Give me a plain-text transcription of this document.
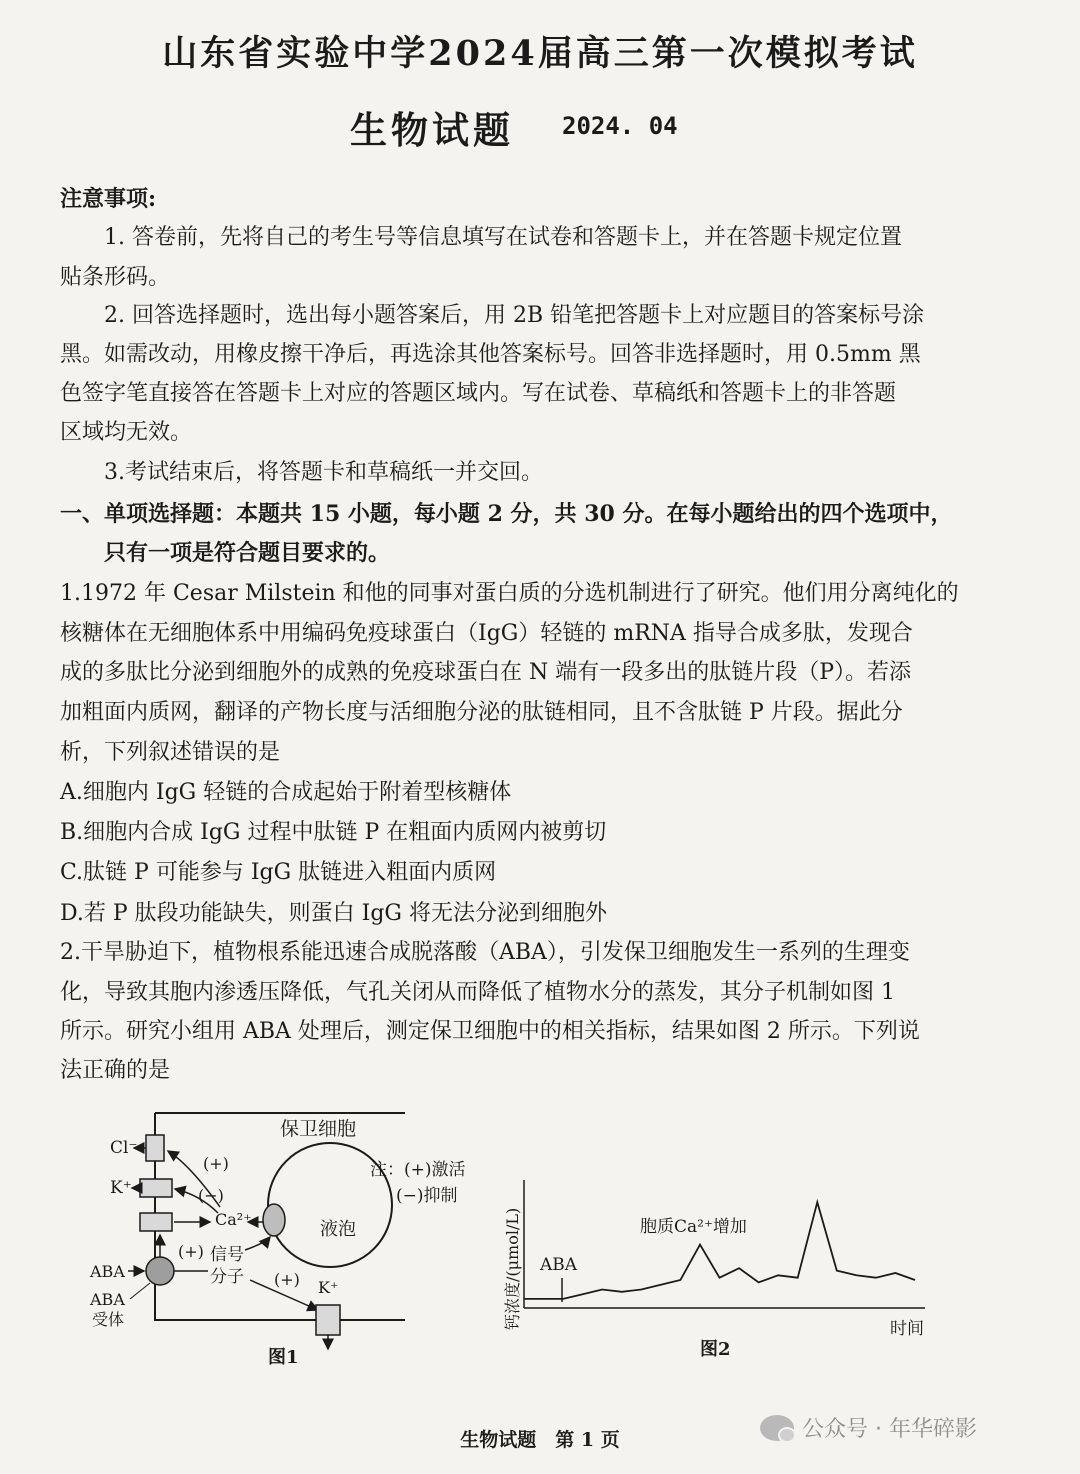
山东省实验中学2024届高三第一次模拟考试
生物试题 2024. 04
注意事项:
1. 答卷前，先将自己的考生号等信息填写在试卷和答题卡上，并在答题卡规定位置
贴条形码。
2. 回答选择题时，选出每小题答案后，用 2B 铅笔把答题卡上对应题目的答案标号涂
黑。如需改动，用橡皮擦干净后，再选涂其他答案标号。回答非选择题时，用 0.5mm 黑
色签字笔直接答在答题卡上对应的答题区域内。写在试卷、草稿纸和答题卡上的非答题
区域均无效。
3.考试结束后，将答题卡和草稿纸一并交回。
一、单项选择题：本题共 15 小题，每小题 2 分，共 30 分。在每小题给出的四个选项中，
只有一项是符合题目要求的。
1.1972 年 Cesar Milstein 和他的同事对蛋白质的分选机制进行了研究。他们用分离纯化的
核糖体在无细胞体系中用编码免疫球蛋白（IgG）轻链的 mRNA 指导合成多肽，发现合
成的多肽比分泌到细胞外的成熟的免疫球蛋白在 N 端有一段多出的肽链片段（P）。若添
加粗面内质网，翻译的产物长度与活细胞分泌的肽链相同，且不含肽链 P 片段。据此分
析，下列叙述错误的是
A.细胞内 IgG 轻链的合成起始于附着型核糖体
B.细胞内合成 IgG 过程中肽链 P 在粗面内质网内被剪切
C.肽链 P 可能参与 IgG 肽链进入粗面内质网
D.若 P 肽段功能缺失，则蛋白 IgG 将无法分泌到细胞外
2.干旱胁迫下，植物根系能迅速合成脱落酸（ABA），引发保卫细胞发生一系列的生理变
化，导致其胞内渗透压降低，气孔关闭从而降低了植物水分的蒸发，其分子机制如图 1
所示。研究小组用 ABA 处理后，测定保卫细胞中的相关指标，结果如图 2 所示。下列说
法正确的是
保卫细胞
Cl⁻
K⁺
Ca²⁺
(+)
(−)
液泡
注：(+)激活
(−)抑制
ABA
ABA
受体
(+) 信号
分子 (+) K⁺
图1
钙浓度/(μmol/L)	时间
ABA
胞质Ca²⁺增加
图2
生物试题　第 1 页	公众号 · 年华碎影
